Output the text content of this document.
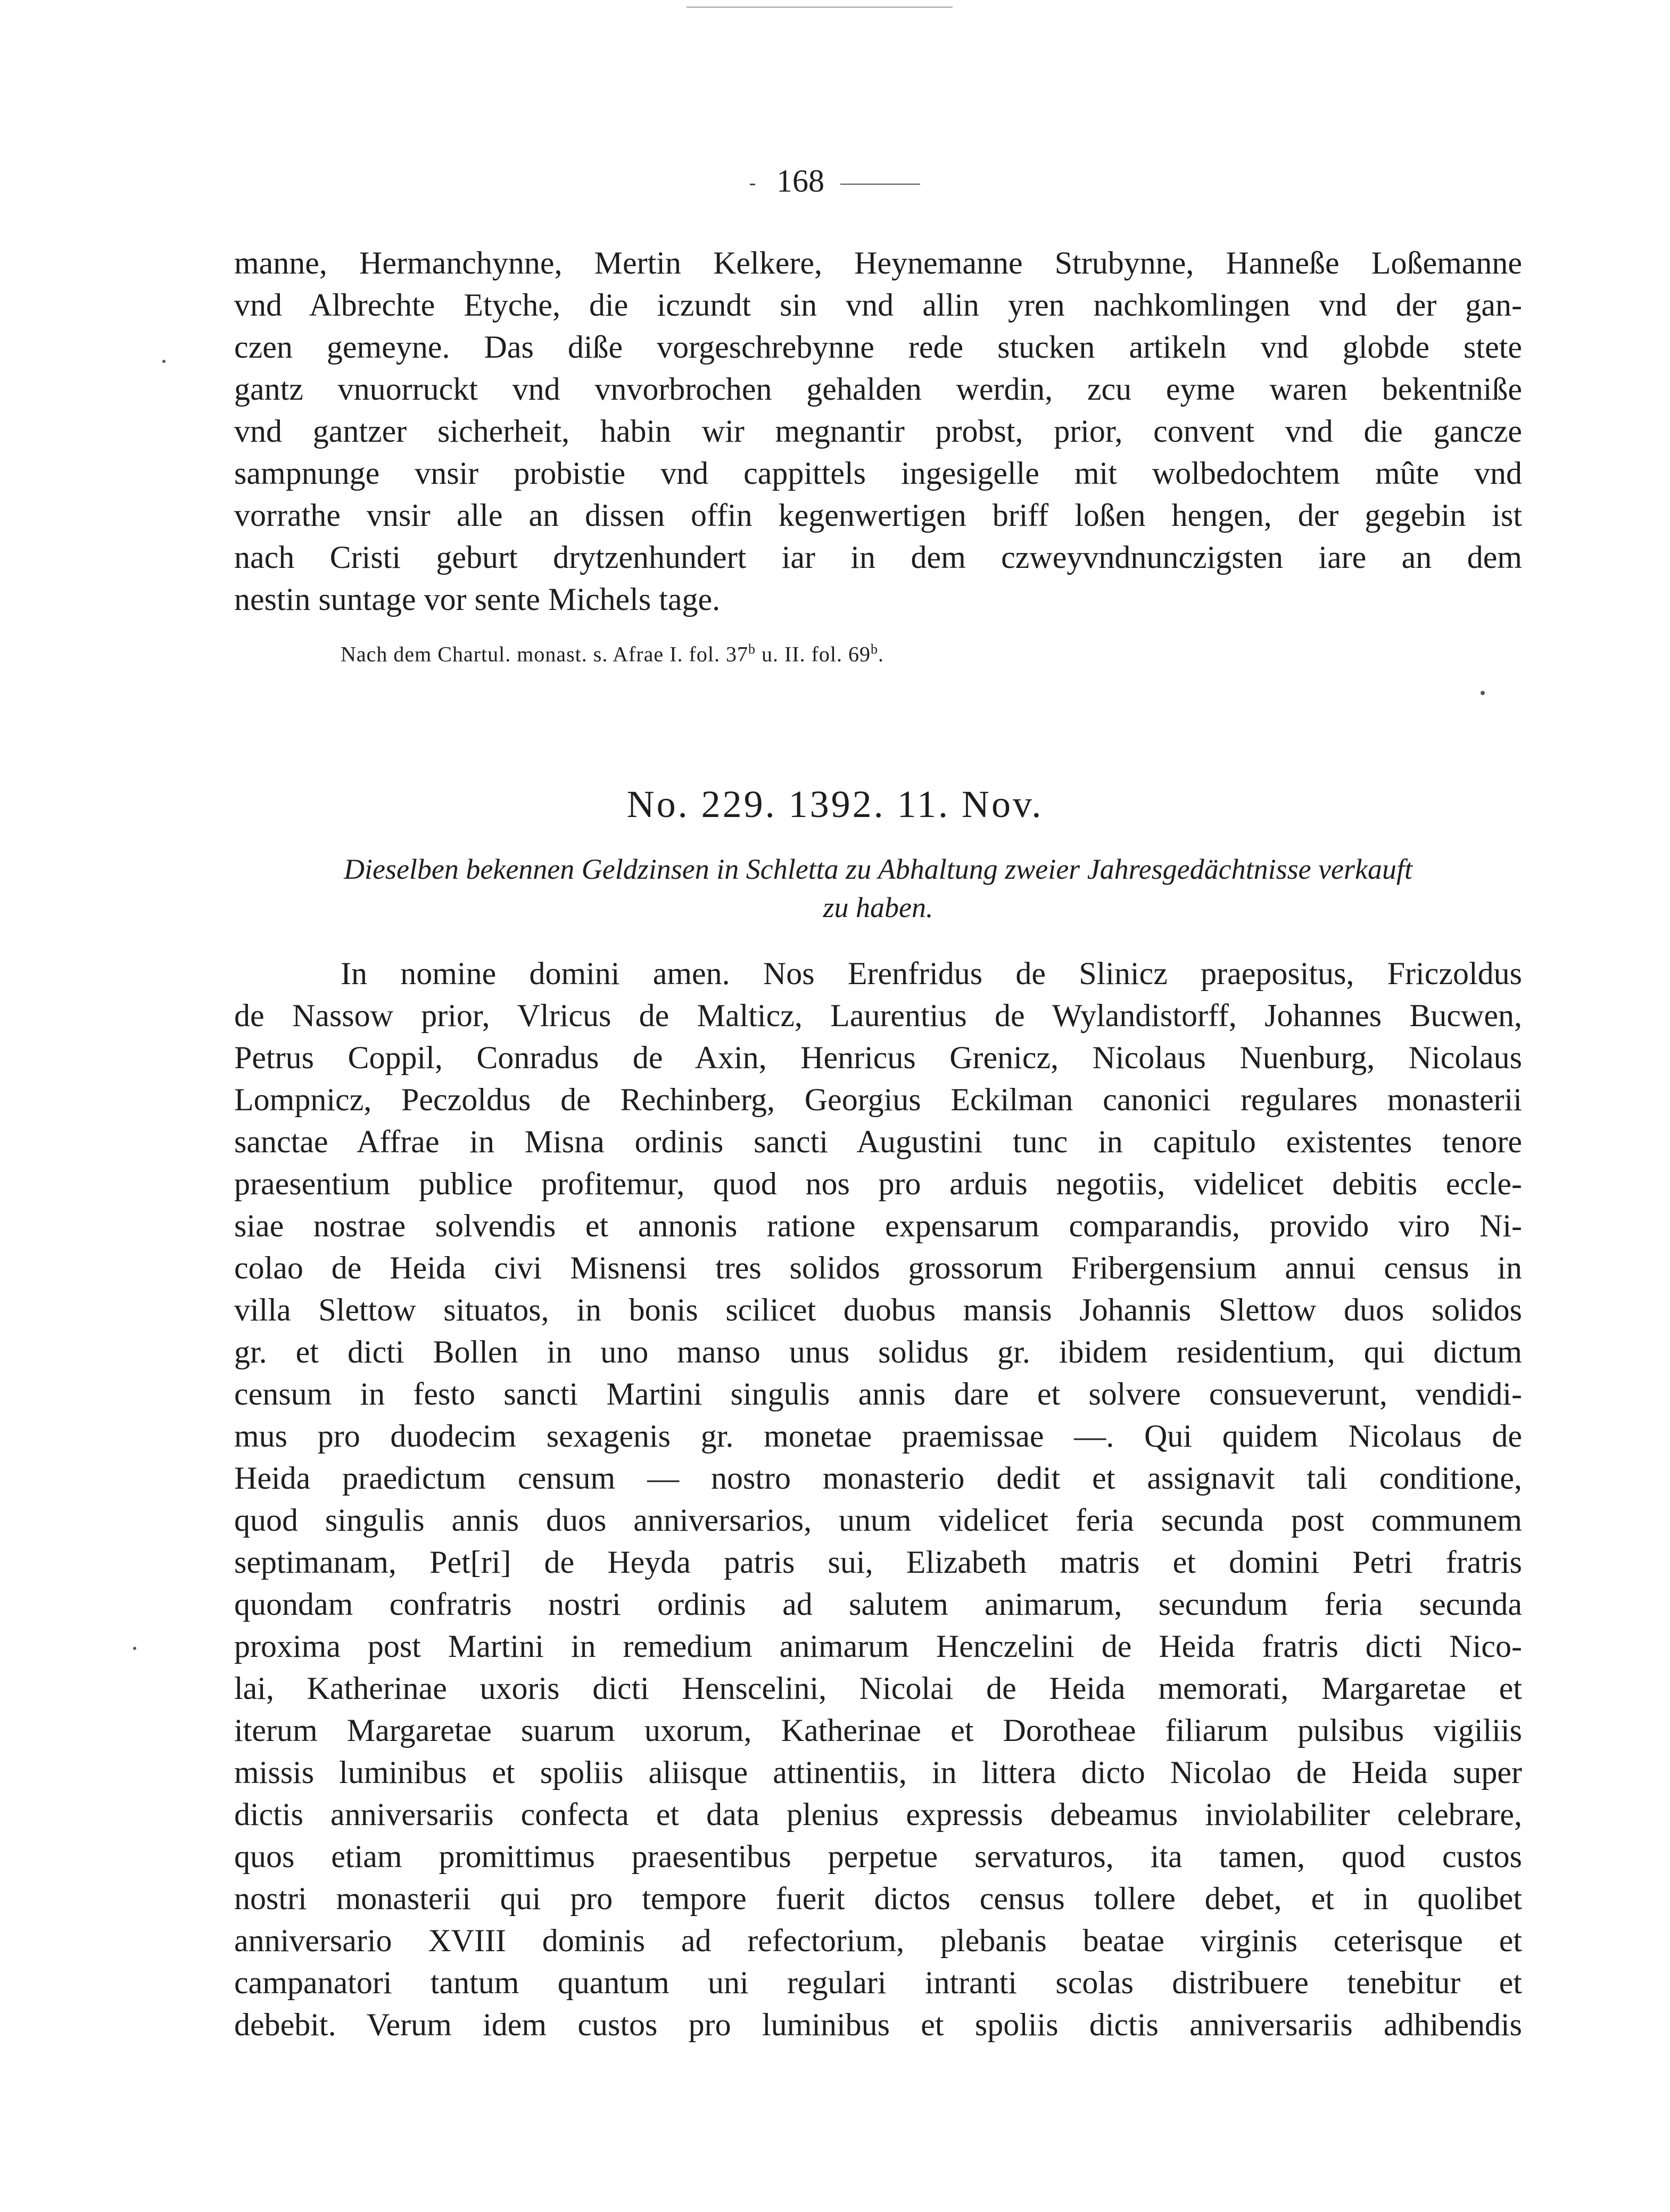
168
manne, Hermanchynne, Mertin Kelkere, Heynemanne Strubynne, Hanneße Loßemanne
vnd Albrechte Etyche, die iczundt sin vnd allin yren nachkomlingen vnd der gan-
czen gemeyne. Das diße vorgeschrebynne rede stucken artikeln vnd globde stete
gantz vnuorruckt vnd vnvorbrochen gehalden werdin, zcu eyme waren bekentniße
vnd gantzer sicherheit, habin wir megnantir probst, prior, convent vnd die gancze
sampnunge vnsir probistie vnd cappittels ingesigelle mit wolbedochtem mûte vnd
vorrathe vnsir alle an dissen offin kegenwertigen briff loßen hengen, der gegebin ist
nach Cristi geburt drytzenhundert iar in dem czweyvndnunczigsten iare an dem
nestin suntage vor sente Michels tage.
Nach dem Chartul. monast. s. Afrae I. fol. 37$^b$ u. II. fol. 69$^b$.
No. 229. 1392. 11. Nov.
Dieselben bekennen Geldzinsen in Schletta zu Abhaltung zweier Jahresgedächtnisse verkauft
zu haben.
In nomine domini amen. Nos Erenfridus de Slinicz praepositus, Friczoldus
de Nassow prior, Vlricus de Malticz, Laurentius de Wylandistorff, Johannes Bucwen,
Petrus Coppil, Conradus de Axin, Henricus Grenicz, Nicolaus Nuenburg, Nicolaus
Lompnicz, Peczoldus de Rechinberg, Georgius Eckilman canonici regulares monasterii
sanctae Affrae in Misna ordinis sancti Augustini tunc in capitulo existentes tenore
praesentium publice profitemur, quod nos pro arduis negotiis, videlicet debitis eccle-
siae nostrae solvendis et annonis ratione expensarum comparandis, provido viro Ni-
colao de Heida civi Misnensi tres solidos grossorum Fribergensium annui census in
villa Slettow situatos, in bonis scilicet duobus mansis Johannis Slettow duos solidos
gr. et dicti Bollen in uno manso unus solidus gr. ibidem residentium, qui dictum
censum in festo sancti Martini singulis annis dare et solvere consueverunt, vendidi-
mus pro duodecim sexagenis gr. monetae praemissae —. Qui quidem Nicolaus de
Heida praedictum censum — nostro monasterio dedit et assignavit tali conditione,
quod singulis annis duos anniversarios, unum videlicet feria secunda post communem
septimanam, Pet[ri] de Heyda patris sui, Elizabeth matris et domini Petri fratris
quondam confratris nostri ordinis ad salutem animarum, secundum feria secunda
proxima post Martini in remedium animarum Henczelini de Heida fratris dicti Nico-
lai, Katherinae uxoris dicti Henscelini, Nicolai de Heida memorati, Margaretae et
iterum Margaretae suarum uxorum, Katherinae et Dorotheae filiarum pulsibus vigiliis
missis luminibus et spoliis aliisque attinentiis, in littera dicto Nicolao de Heida super
dictis anniversariis confecta et data plenius expressis debeamus inviolabiliter celebrare,
quos etiam promittimus praesentibus perpetue servaturos, ita tamen, quod custos
nostri monasterii qui pro tempore fuerit dictos census tollere debet, et in quolibet
anniversario XVIII dominis ad refectorium, plebanis beatae virginis ceterisque et
campanatori tantum quantum uni regulari intranti scolas distribuere tenebitur et
debebit. Verum idem custos pro luminibus et spoliis dictis anniversariis adhibendis
